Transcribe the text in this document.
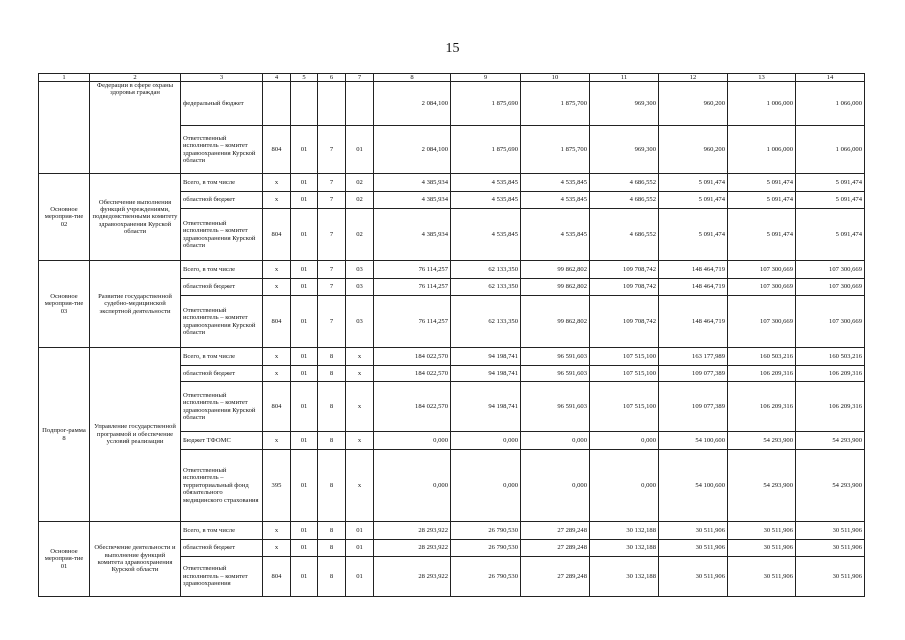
15
1	2	3	4	5	6	7	8	9	10	11	12	13	14
	Федерации в сфере охраны здоровья граждан	федеральный бюджет					2 084,100	1 875,690	1 875,700	969,300	960,200	1 006,000	1 066,000
		Ответственный исполнитель – комитет здравоохранения Курской области	804	01	7	01	2 084,100	1 875,690	1 875,700	969,300	960,200	1 006,000	1 066,000
Основное мероприя-тие 02	Обеспечение выполнения функций учреждениями, подведомственными комитету здравоохранения Курской области	Всего, в том числе	х	01	7	02	4 385,934	4 535,845	4 535,845	4 686,552	5 091,474	5 091,474	5 091,474
		областной бюджет	х	01	7	02	4 385,934	4 535,845	4 535,845	4 686,552	5 091,474	5 091,474	5 091,474
		Ответственный исполнитель – комитет здравоохранения Курской области	804	01	7	02	4 385,934	4 535,845	4 535,845	4 686,552	5 091,474	5 091,474	5 091,474
Основное мероприя-тие 03	Развитие государственной судебно-медицинской экспертной деятельности	Всего, в том числе	х	01	7	03	76 114,257	62 133,350	99 862,802	109 708,742	148 464,719	107 300,669	107 300,669
		областной бюджет	х	01	7	03	76 114,257	62 133,350	99 862,802	109 708,742	148 464,719	107 300,669	107 300,669
		Ответственный исполнитель – комитет здравоохранения Курской области	804	01	7	03	76 114,257	62 133,350	99 862,802	109 708,742	148 464,719	107 300,669	107 300,669
Подпрог-рамма 8	Управление государственной программой и обеспечение условий реализации	Всего, в том числе	х	01	8	х	184 022,570	94 198,741	96 591,603	107 515,100	163 177,989	160 503,216	160 503,216
		областной бюджет	х	01	8	х	184 022,570	94 198,741	96 591,603	107 515,100	109 077,389	106 209,316	106 209,316
		Ответственный исполнитель – комитет здравоохранения Курской области	804	01	8	х	184 022,570	94 198,741	96 591,603	107 515,100	109 077,389	106 209,316	106 209,316
		Бюджет ТФОМС	х	01	8	х	0,000	0,000	0,000	0,000	54 100,600	54 293,900	54 293,900
		Ответственный исполнитель – территориальный фонд обязательного медицинского страхования	395	01	8	х	0,000	0,000	0,000	0,000	54 100,600	54 293,900	54 293,900
Основное мероприя-тие 01	Обеспечение деятельности и выполнение функций комитета здравоохранения Курской области	Всего, в том числе	х	01	8	01	28 293,922	26 790,530	27 289,248	30 132,188	30 511,906	30 511,906	30 511,906
		областной бюджет	х	01	8	01	28 293,922	26 790,530	27 289,248	30 132,188	30 511,906	30 511,906	30 511,906
		Ответственный исполнитель – комитет здравоохранения	804	01	8	01	28 293,922	26 790,530	27 289,248	30 132,188	30 511,906	30 511,906	30 511,906
